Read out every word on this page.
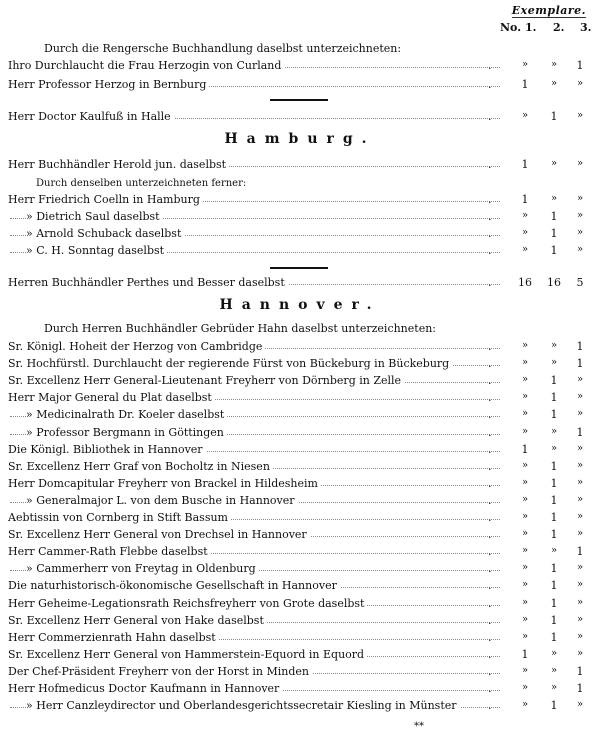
Exemplare.
No. 1. 2. 3.
Durch die Rengersche Buchhandlung daselbst unterzeichneten:
Ihro Durchlaucht die Frau Herzogin von Curland	.	»	»	1
Herr Professor Herzog in Bernburg	.	1	»	»
Herr Doctor Kaulfuß in Halle	.	»	1	»
Hamburg.
Herr Buchhändler Herold jun. daselbst	.	1	»	»
Durch denselben unterzeichneten ferner:
Herr Friedrich Coelln in Hamburg	.	1	»	»
» Dietrich Saul daselbst	.	»	1	»
» Arnold Schuback daselbst	.	»	1	»
» C. H. Sonntag daselbst	.	»	1	»
Herren Buchhändler Perthes und Besser daselbst	.	16	16	5
Hannover.
Durch Herren Buchhändler Gebrüder Hahn daselbst unterzeichneten:
Sr. Königl. Hoheit der Herzog von Cambridge	.	»	»	1
Sr. Hochfürstl. Durchlaucht der regierende Fürst von Bückeburg in Bückeburg	.	»	»	1
Sr. Excellenz Herr General-Lieutenant Freyherr von Dörnberg in Zelle	.	»	1	»
Herr Major General du Plat daselbst	.	»	1	»
» Medicinalrath Dr. Koeler daselbst	.	»	1	»
» Professor Bergmann in Göttingen	.	»	»	1
Die Königl. Bibliothek in Hannover	.	1	»	»
Sr. Excellenz Herr Graf von Bocholtz in Niesen	.	»	1	»
Herr Domcapitular Freyherr von Brackel in Hildesheim	.	»	1	»
» Generalmajor L. von dem Busche in Hannover	.	»	1	»
Aebtissin von Cornberg in Stift Bassum	.	»	1	»
Sr. Excellenz Herr General von Drechsel in Hannover	.	»	1	»
Herr Cammer-Rath Flebbe daselbst	.	»	»	1
» Cammerherr von Freytag in Oldenburg	.	»	1	»
Die naturhistorisch-ökonomische Gesellschaft in Hannover	.	»	1	»
Herr Geheime-Legationsrath Reichsfreyherr von Grote daselbst	.	»	1	»
Sr. Excellenz Herr General von Hake daselbst	.	»	1	»
Herr Commerzienrath Hahn daselbst	.	»	1	»
Sr. Excellenz Herr General von Hammerstein-Equord in Equord	.	1	»	»
Der Chef-Präsident Freyherr von der Horst in Minden	.	»	»	1
Herr Hofmedicus Doctor Kaufmann in Hannover	.	»	»	1
» Herr Canzleydirector und Oberlandesgerichtssecretair Kiesling in Münster	.	»	1	»
**
